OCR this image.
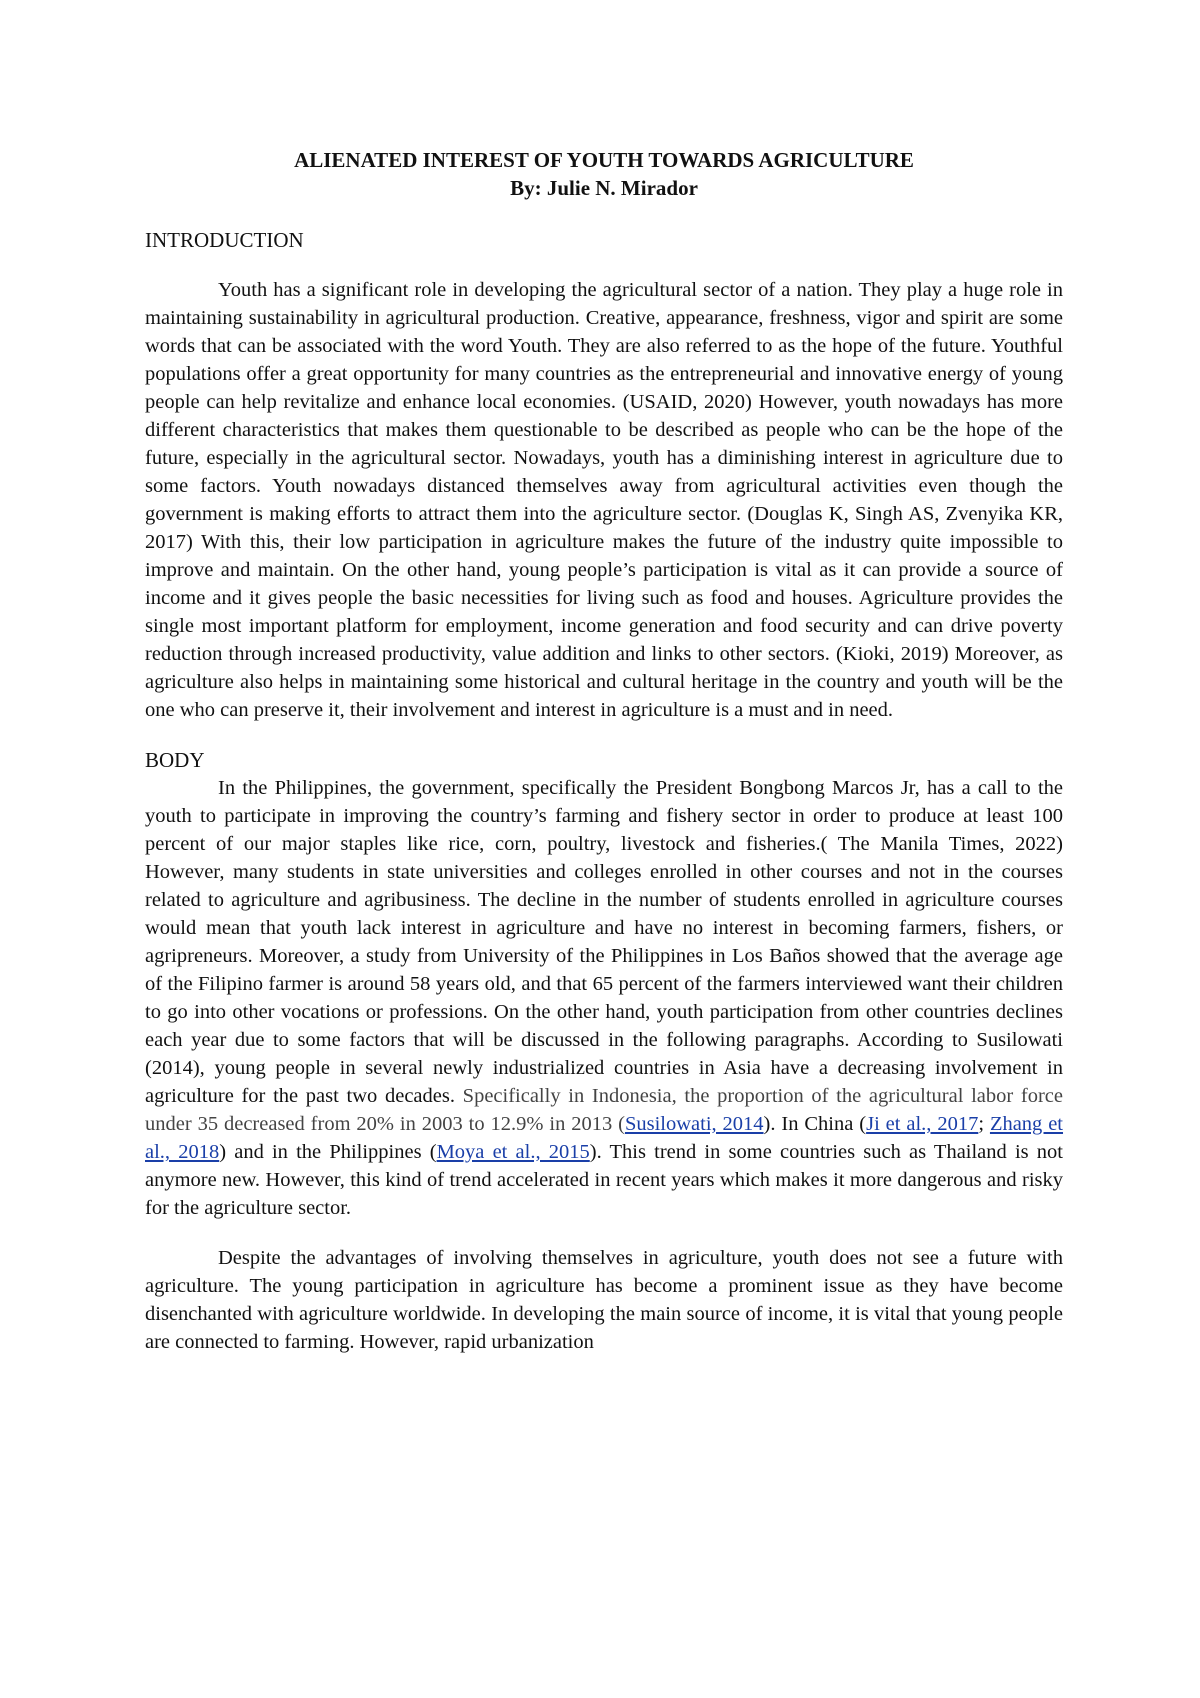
ALIENATED INTEREST OF YOUTH TOWARDS AGRICULTURE
By: Julie N. Mirador
INTRODUCTION

Youth has a significant role in developing the agricultural sector of a nation. They play a huge role in maintaining sustainability in agricultural production. Creative, appearance, freshness, vigor and spirit are some words that can be associated with the word Youth. They are also referred to as the hope of the future. Youthful populations offer a great opportunity for many countries as the entrepreneurial and innovative energy of young people can help revitalize and enhance local economies. (USAID, 2020) However, youth nowadays has more different characteristics that makes them questionable to be described as people who can be the hope of the future, especially in the agricultural sector. Nowadays, youth has a diminishing interest in agriculture due to some factors. Youth nowadays distanced themselves away from agricultural activities even though the government is making efforts to attract them into the agriculture sector. (Douglas K, Singh AS, Zvenyika KR, 2017) With this, their low participation in agriculture makes the future of the industry quite impossible to improve and maintain. On the other hand, young people’s participation is vital as it can provide a source of income and it gives people the basic necessities for living such as food and houses. Agriculture provides the single most important platform for employment, income generation and food security and can drive poverty reduction through increased productivity, value addition and links to other sectors. (Kioki, 2019) Moreover, as agriculture also helps in maintaining some historical and cultural heritage in the country and youth will be the one who can preserve it, their involvement and interest in agriculture is a must and in need.

BODY

In the Philippines, the government, specifically the President Bongbong Marcos Jr, has a call to the youth to participate in improving the country’s farming and fishery sector in order to produce at least 100 percent of our major staples like rice, corn, poultry, livestock and fisheries.( The Manila Times, 2022) However, many students in state universities and colleges enrolled in other courses and not in the courses related to agriculture and agribusiness. The decline in the number of students enrolled in agriculture courses would mean that youth lack interest in agriculture and have no interest in becoming farmers, fishers, or agripreneurs. Moreover, a study from University of the Philippines in Los Baños showed that the average age of the Filipino farmer is around 58 years old, and that 65 percent of the farmers interviewed want their children to go into other vocations or professions. On the other hand, youth participation from other countries declines each year due to some factors that will be discussed in the following paragraphs. According to Susilowati (2014), young people in several newly industrialized countries in Asia have a decreasing involvement in agriculture for the past two decades. Specifically in Indonesia, the proportion of the agricultural labor force under 35 decreased from 20% in 2003 to 12.9% in 2013 (Susilowati, 2014). In China (Ji et al., 2017; Zhang et al., 2018) and in the Philippines (Moya et al., 2015). This trend in some countries such as Thailand is not anymore new. However, this kind of trend accelerated in recent years which makes it more dangerous and risky for the agriculture sector.

Despite the advantages of involving themselves in agriculture, youth does not see a future with agriculture. The young participation in agriculture has become a prominent issue as they have become disenchanted with agriculture worldwide. In developing the main source of income, it is vital that young people are connected to farming. However, rapid urbanization
